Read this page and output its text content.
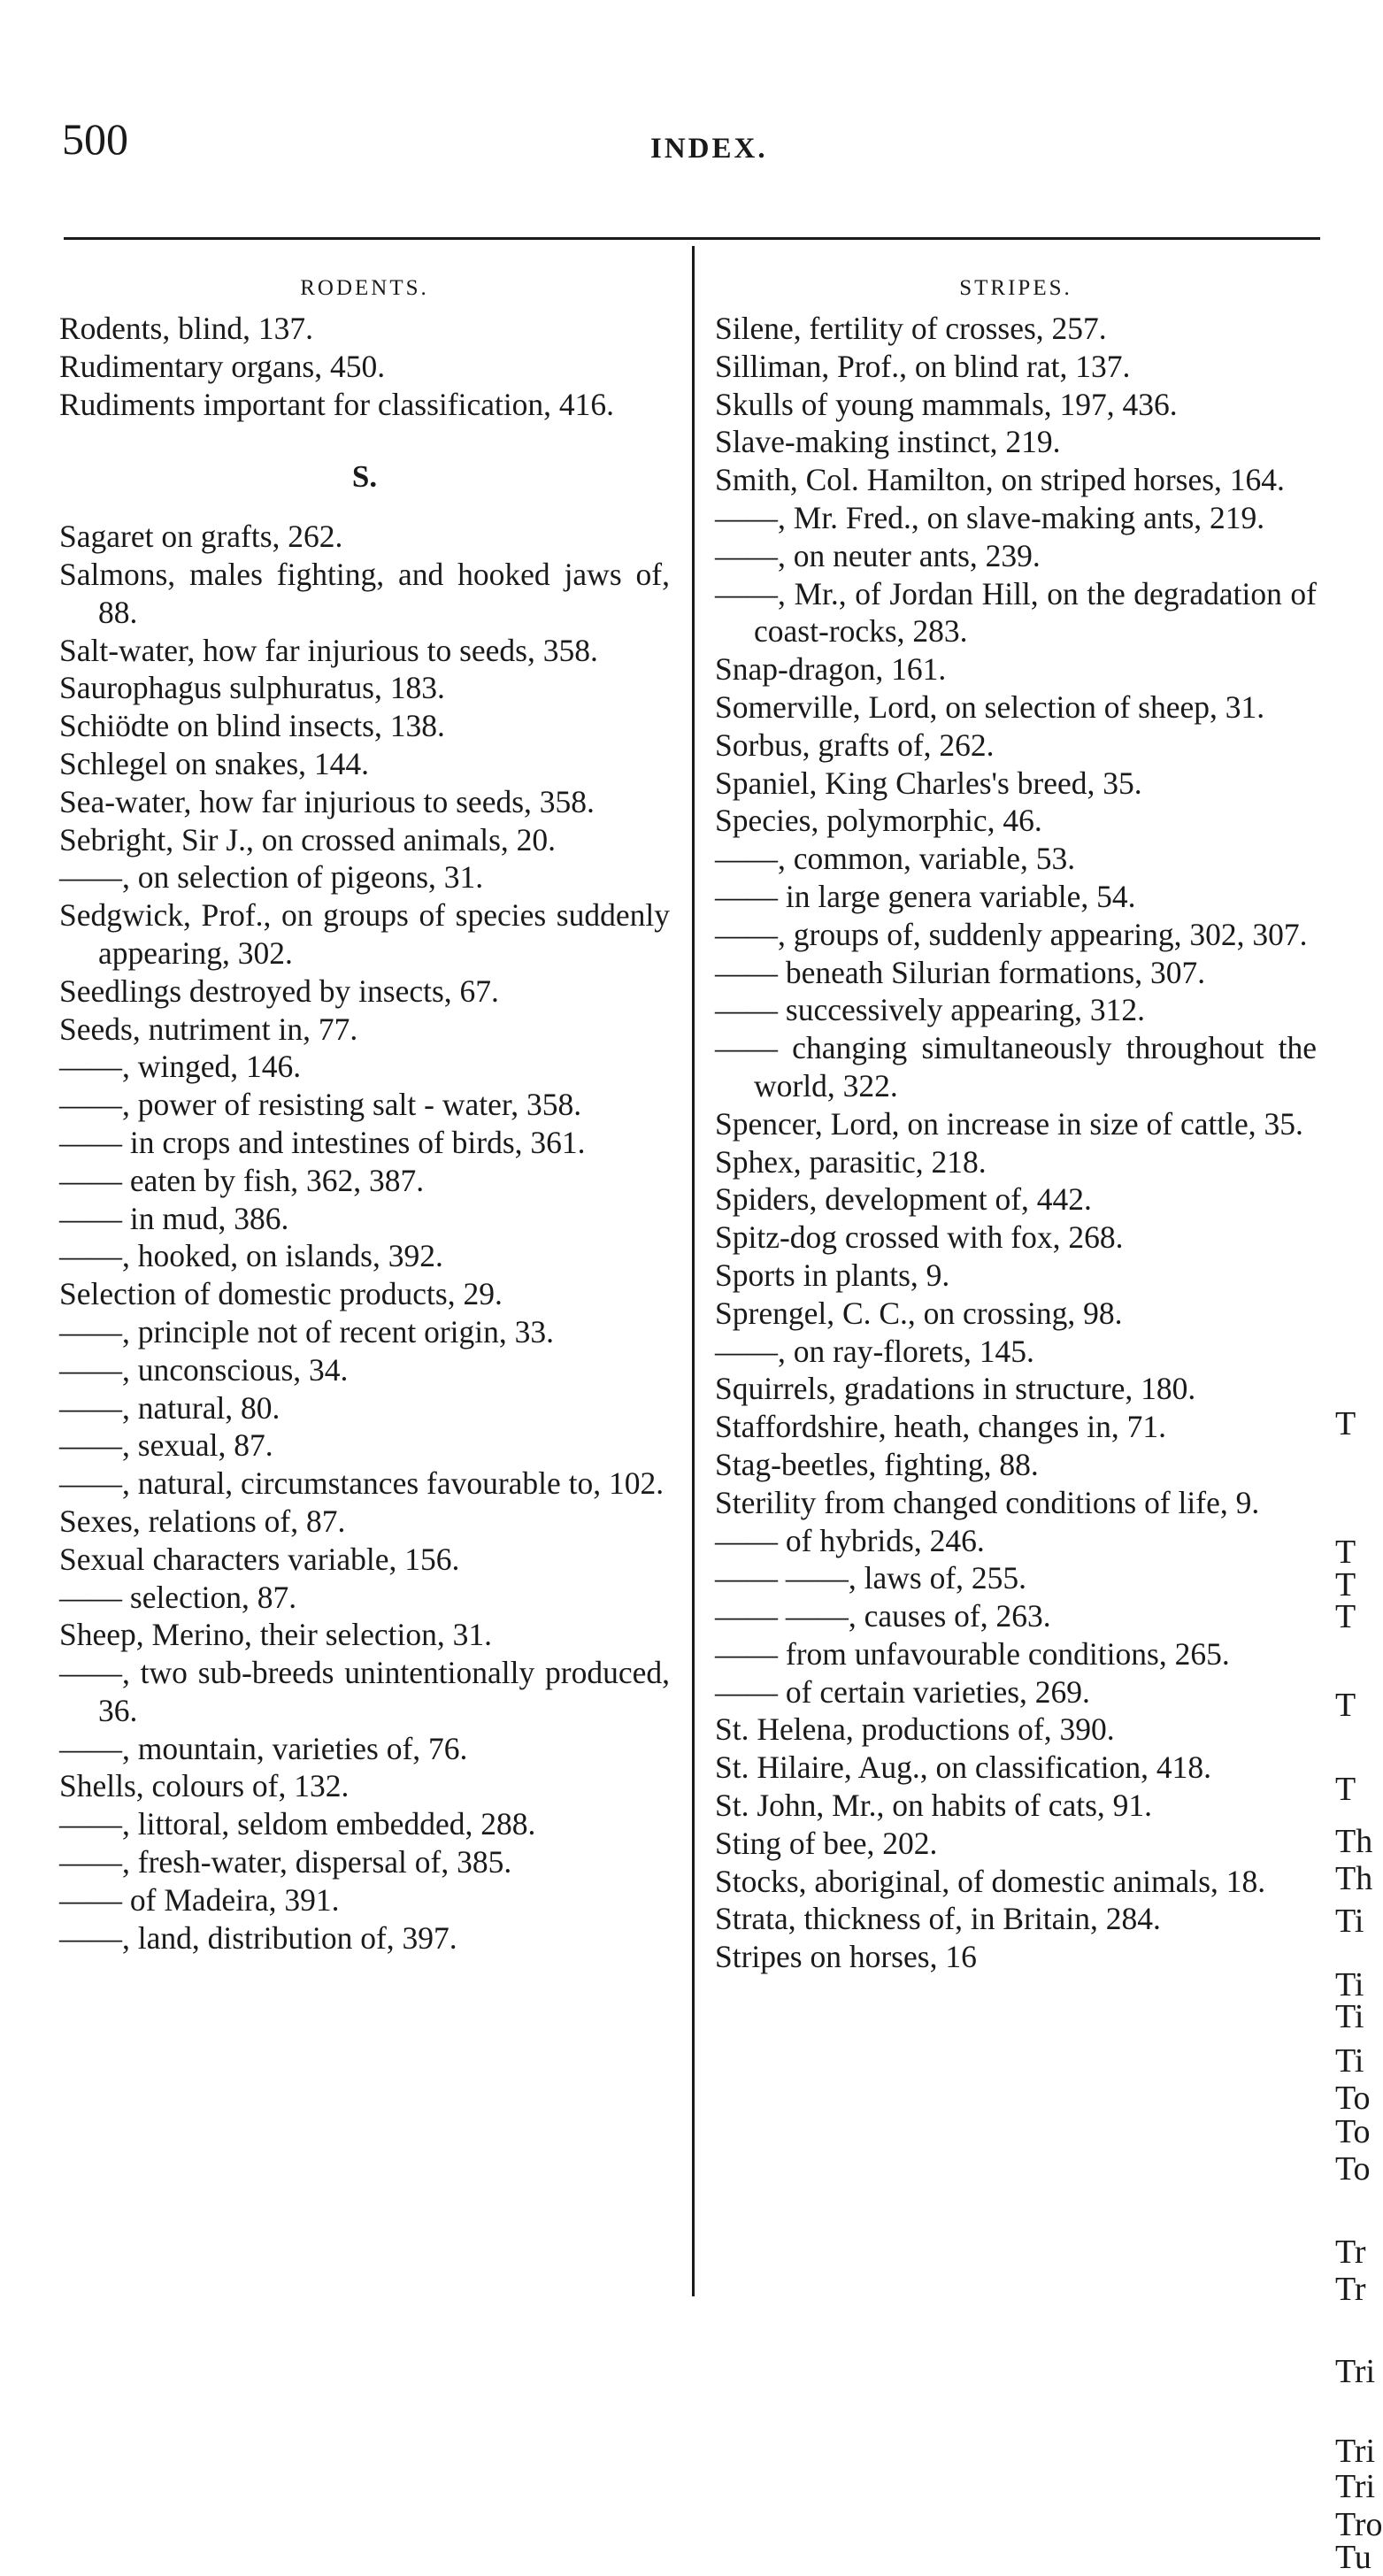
500	INDEX.
RODENTS.

Rodents, blind, 137.

Rudimentary organs, 450.

Rudiments important for classification, 416.

S.

Sagaret on grafts, 262.

Salmons, males fighting, and hooked jaws of, 88.

Salt-water, how far injurious to seeds, 358.

Saurophagus sulphuratus, 183.

Schiödte on blind insects, 138.

Schlegel on snakes, 144.

Sea-water, how far injurious to seeds, 358.

Sebright, Sir J., on crossed animals, 20.

——, on selection of pigeons, 31.

Sedgwick, Prof., on groups of species suddenly appearing, 302.

Seedlings destroyed by insects, 67.

Seeds, nutriment in, 77.

——, winged, 146.

——, power of resisting salt - water, 358.

—— in crops and intestines of birds, 361.

—— eaten by fish, 362, 387.

—— in mud, 386.

——, hooked, on islands, 392.

Selection of domestic products, 29.

——, principle not of recent origin, 33.

——, unconscious, 34.

——, natural, 80.

——, sexual, 87.

——, natural, circumstances favourable to, 102.

Sexes, relations of, 87.

Sexual characters variable, 156.

—— selection, 87.

Sheep, Merino, their selection, 31.

——, two sub-breeds unintentionally produced, 36.

——, mountain, varieties of, 76.

Shells, colours of, 132.

——, littoral, seldom embedded, 288.

——, fresh-water, dispersal of, 385.

—— of Madeira, 391.

——, land, distribution of, 397.

STRIPES.

Silene, fertility of crosses, 257.

Silliman, Prof., on blind rat, 137.

Skulls of young mammals, 197, 436.

Slave-making instinct, 219.

Smith, Col. Hamilton, on striped horses, 164.

——, Mr. Fred., on slave-making ants, 219.

——, on neuter ants, 239.

——, Mr., of Jordan Hill, on the degradation of coast-rocks, 283.

Snap-dragon, 161.

Somerville, Lord, on selection of sheep, 31.

Sorbus, grafts of, 262.

Spaniel, King Charles's breed, 35.

Species, polymorphic, 46.

——, common, variable, 53.

—— in large genera variable, 54.

——, groups of, suddenly appearing, 302, 307.

—— beneath Silurian formations, 307.

—— successively appearing, 312.

—— changing simultaneously throughout the world, 322.

Spencer, Lord, on increase in size of cattle, 35.

Sphex, parasitic, 218.

Spiders, development of, 442.

Spitz-dog crossed with fox, 268.

Sports in plants, 9.

Sprengel, C. C., on crossing, 98.

——, on ray-florets, 145.

Squirrels, gradations in structure, 180.

Staffordshire, heath, changes in, 71.

Stag-beetles, fighting, 88.

Sterility from changed conditions of life, 9.

—— of hybrids, 246.

—— ——, laws of, 255.

—— ——, causes of, 263.

—— from unfavourable conditions, 265.

—— of certain varieties, 269.

St. Helena, productions of, 390.

St. Hilaire, Aug., on classification, 418.

St. John, Mr., on habits of cats, 91.

Sting of bee, 202.

Stocks, aboriginal, of domestic animals, 18.

Strata, thickness of, in Britain, 284.

Stripes on horses, 16

T
T
T
T
T
T
Th
Th
Ti
Ti
Ti
Ti
To
To
To
Tr
Tr
Tri
Tri
Tri
Tro
Tu
